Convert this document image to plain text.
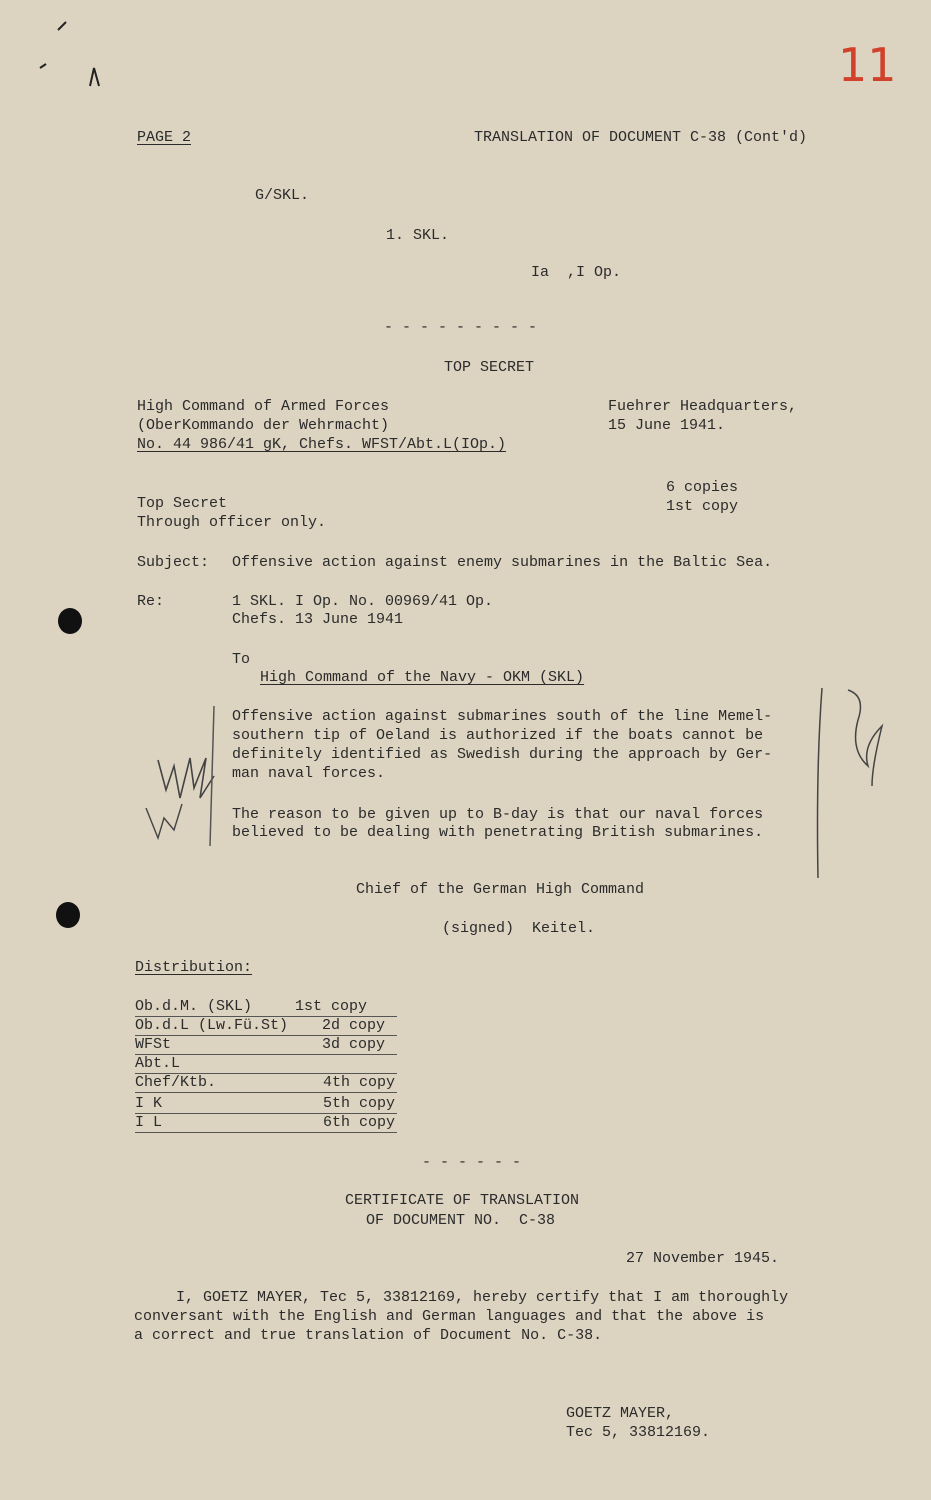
11
PAGE 2	TRANSLATION OF DOCUMENT C-38 (Cont'd)
G/SKL.
1. SKL.
Ia  ,I Op.
- - - - - - - - -
TOP SECRET
High Command of Armed Forces
(OberKommando der Wehrmacht)
No. 44 986/41 gK, Chefs. WFST/Abt.L(IOp.)
Fuehrer Headquarters,
15 June 1941.
6 copies
1st copy
Top Secret
Through officer only.
Subject: Offensive action against enemy submarines in the Baltic Sea.
Re:	1 SKL. I Op. No. 00969/41 Op.
Chefs. 13 June 1941
To
High Command of the Navy - OKM (SKL)
Offensive action against submarines south of the line Memel-
southern tip of Oeland is authorized if the boats cannot be
definitely identified as Swedish during the approach by Ger-
man naval forces.
The reason to be given up to B-day is that our naval forces
believed to be dealing with penetrating British submarines.
Chief of the German High Command
(signed)  Keitel.
Distribution:
Ob.d.M. (SKL)	1st copy
Ob.d.L (Lw.Fü.St) 2d copy
WFSt	3d copy
Abt.L
Chef/Ktb.	4th copy
I K	5th copy
I L	6th copy
- - - - - -
CERTIFICATE OF TRANSLATION
OF DOCUMENT NO.  C-38
27 November 1945.
I, GOETZ MAYER, Tec 5, 33812169, hereby certify that I am thoroughly
conversant with the English and German languages and that the above is
a correct and true translation of Document No. C-38.
GOETZ MAYER,
Tec 5, 33812169.
